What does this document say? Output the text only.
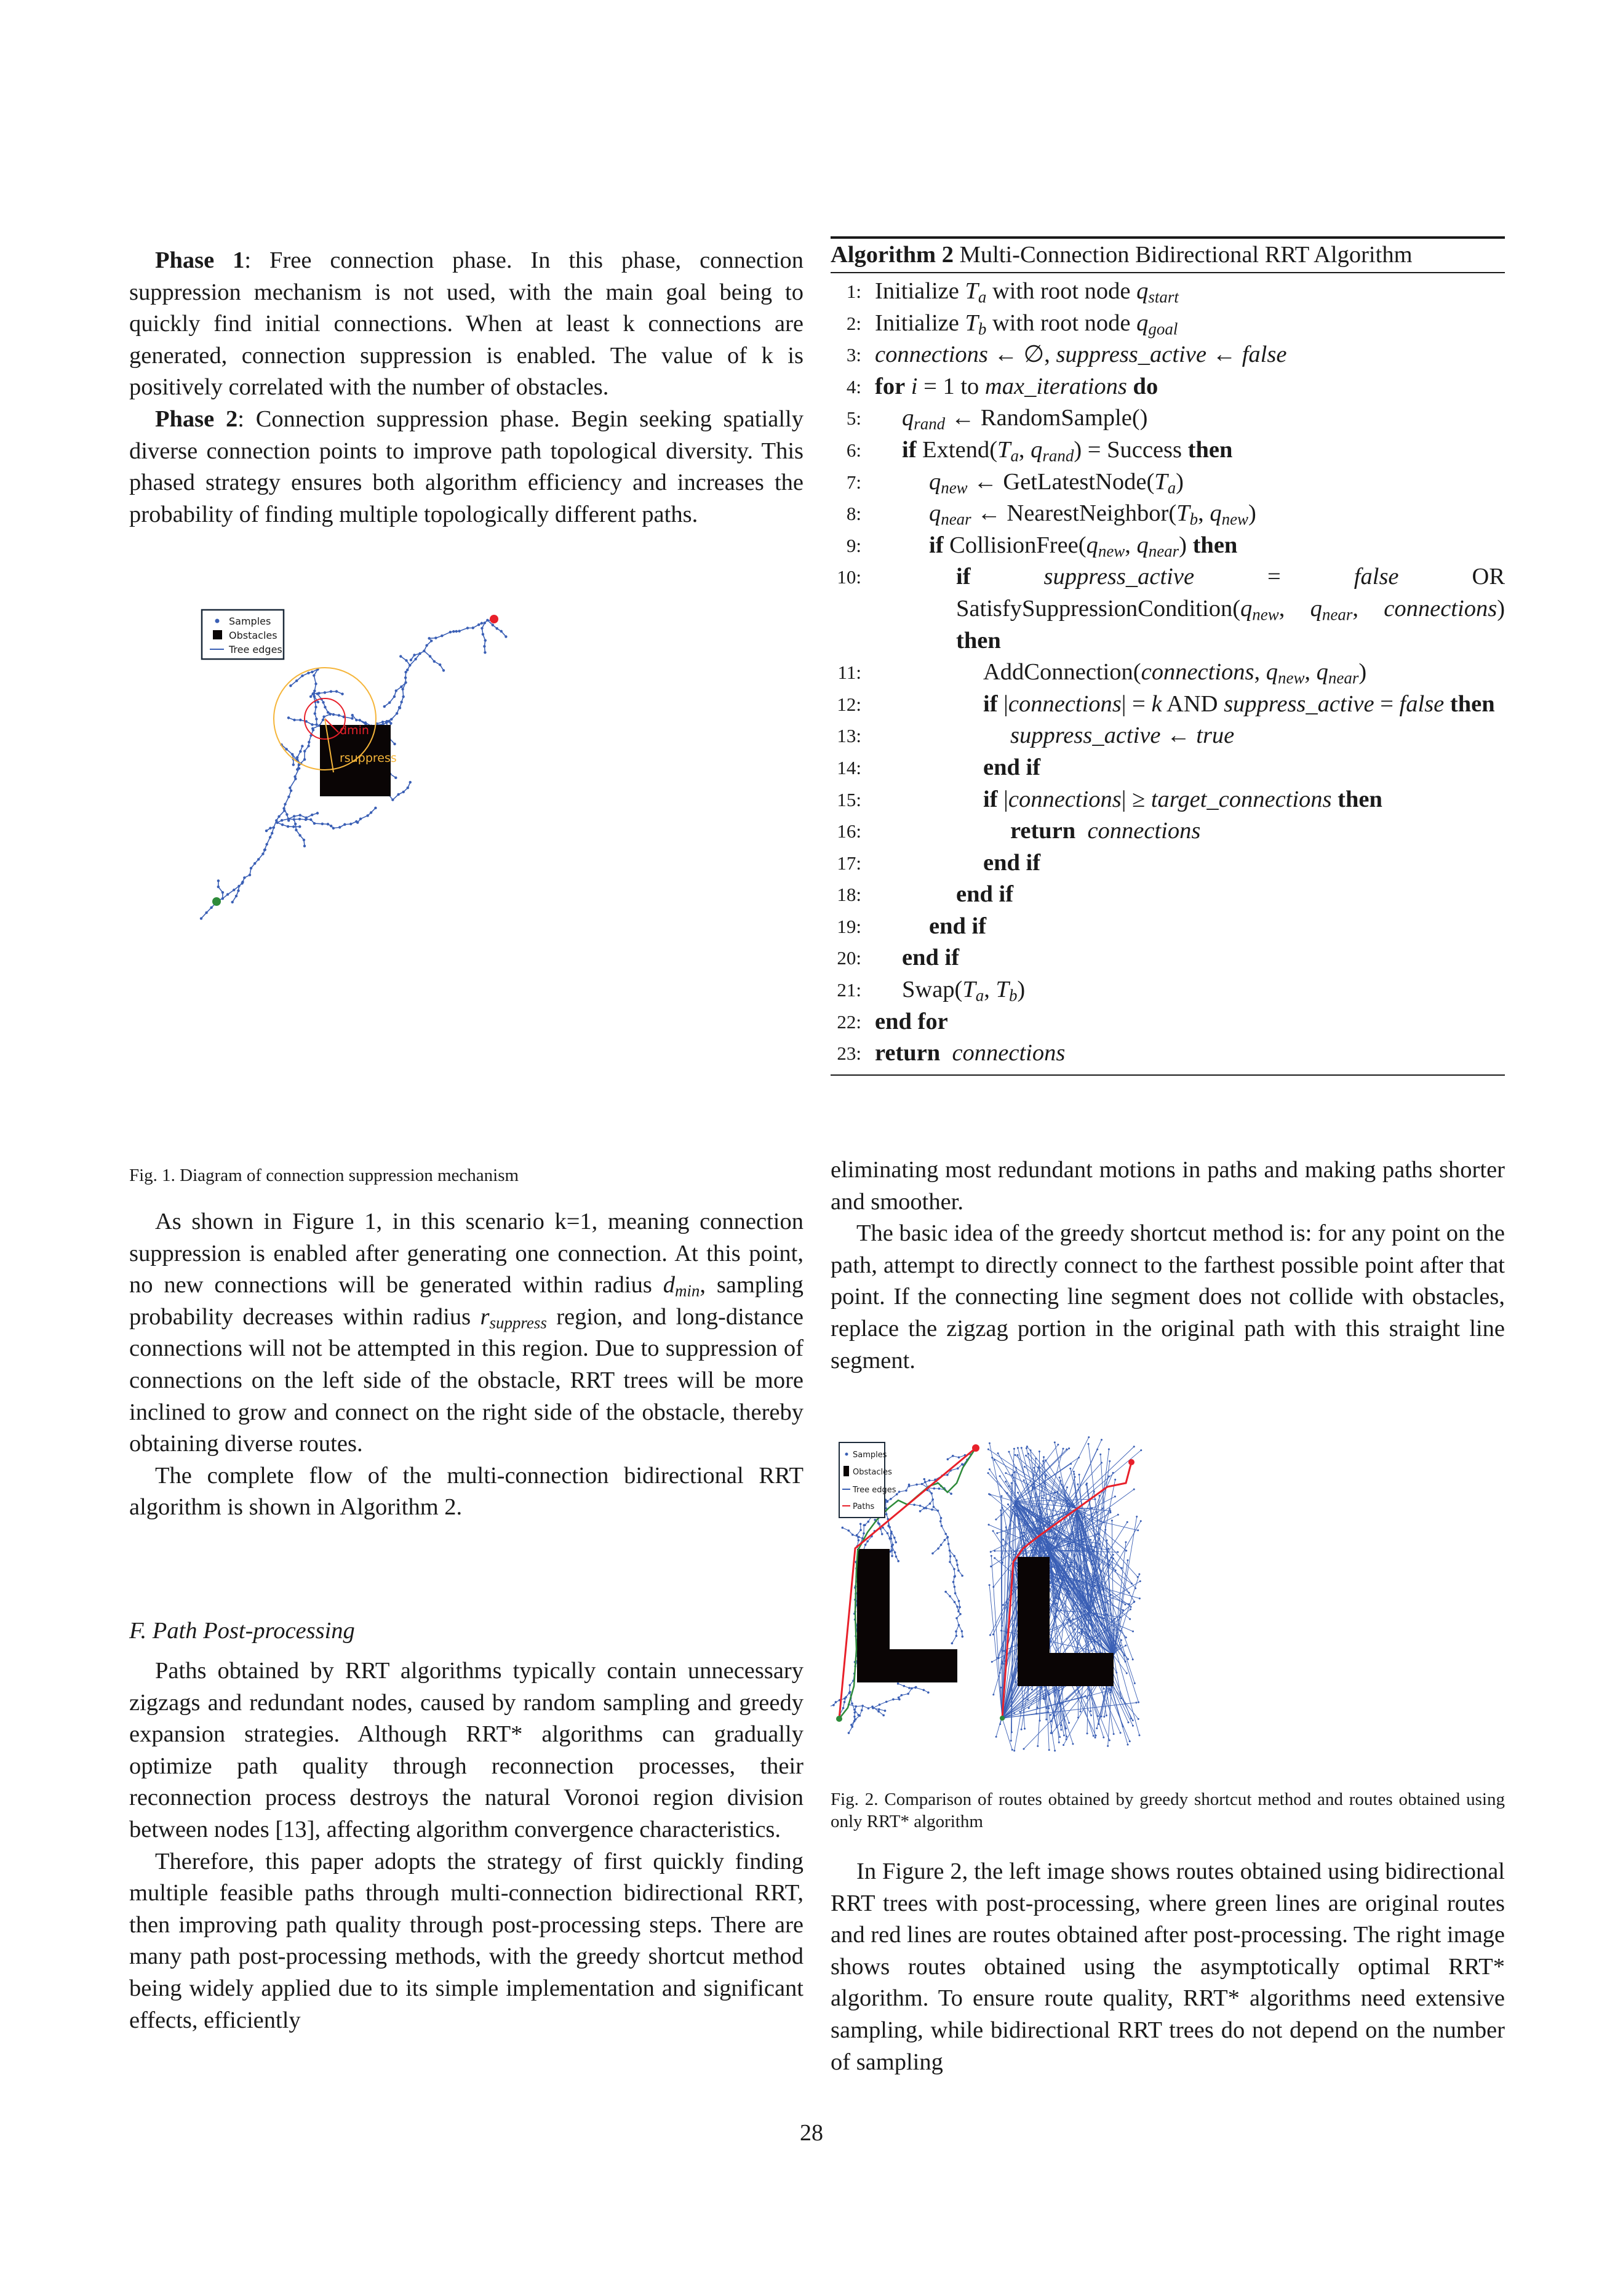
Phase 1: Free connection phase. In this phase, connection suppression mechanism is not used, with the main goal being to quickly find initial connections. When at least k connections are generated, connection suppression is enabled. The value of k is positively correlated with the number of obstacles.

Phase 2: Connection suppression phase. Begin seeking spatially diverse connection points to improve path topological diversity. This phased strategy ensures both algorithm efficiency and increases the probability of finding multiple topologically different paths.

dmin
rsuppress
Samples
Obstacles
Tree edges
Fig. 1. Diagram of connection suppression mechanism

As shown in Figure 1, in this scenario k=1, meaning connection suppression is enabled after generating one connection. At this point, no new connections will be generated within radius $d_{min}$, sampling probability decreases within radius $r_{suppress}$ region, and long-distance connections will not be attempted in this region. Due to suppression of connections on the left side of the obstacle, RRT trees will be more inclined to grow and connect on the right side of the obstacle, thereby obtaining diverse routes.

The complete flow of the multi-connection bidirectional RRT algorithm is shown in Algorithm 2.

F. Path Post-processing

Paths obtained by RRT algorithms typically contain unnecessary zigzags and redundant nodes, caused by random sampling and greedy expansion strategies. Although RRT* algorithms can gradually optimize path quality through reconnection processes, their reconnection process destroys the natural Voronoi region division between nodes [13], affecting algorithm convergence characteristics.

Therefore, this paper adopts the strategy of first quickly finding multiple feasible paths through multi-connection bidirectional RRT, then improving path quality through post-processing steps. There are many path post-processing methods, with the greedy shortcut method being widely applied due to its simple implementation and significant effects, efficiently

Algorithm 2 Multi-Connection Bidirectional RRT Algorithm
1: Initialize $T_a$ with root node $q_{start}$
2: Initialize $T_b$ with root node $q_{goal}$
3: connections ← ∅, suppress_active ← false
4: for i = 1 to max_iterations do
5: $q_{rand}$ ← RandomSample()
6: if $Extend(T_a$, $q_{rand}$) = Success then
7:	$q_{new}$ ← $GetLatestNode(T_a)$
8:	$q_{near}$ ← $NearestNeighbor(T_b$, $q_{new}$)
9:	if $CollisionFree(q_{new}$, $q_{near}$) then
10:	if	suppress_active = false OR $SatisfySuppressionCondition(q_{new}$, $q_{near}$, connections) then
11:	AddConnection(connections, $q_{new}$, $q_{near}$)
12:	if |connections| = k AND suppress_active = false then
13:	suppress_active ← true
14:	end if
15:	if |connections| ≥ target_connections then
16:	return connections
17:	end if
18:	end if
19:	end if
20: end if
21: $Swap(T_a$, $T_b$)
22: end for
23: return connections

eliminating most redundant motions in paths and making paths shorter and smoother.

The basic idea of the greedy shortcut method is: for any point on the path, attempt to directly connect to the farthest possible point after that point. If the connecting line segment does not collide with obstacles, replace the zigzag portion in the original path with this straight line segment.

Samples
Obstacles
Tree edges
Paths
Fig. 2. Comparison of routes obtained by greedy shortcut method and routes obtained using only RRT* algorithm

In Figure 2, the left image shows routes obtained using bidirectional RRT trees with post-processing, where green lines are original routes and red lines are routes obtained after post-processing. The right image shows routes obtained using the asymptotically optimal RRT* algorithm. To ensure route quality, RRT* algorithms need extensive sampling, while bidirectional RRT trees do not depend on the number of sampling

28
